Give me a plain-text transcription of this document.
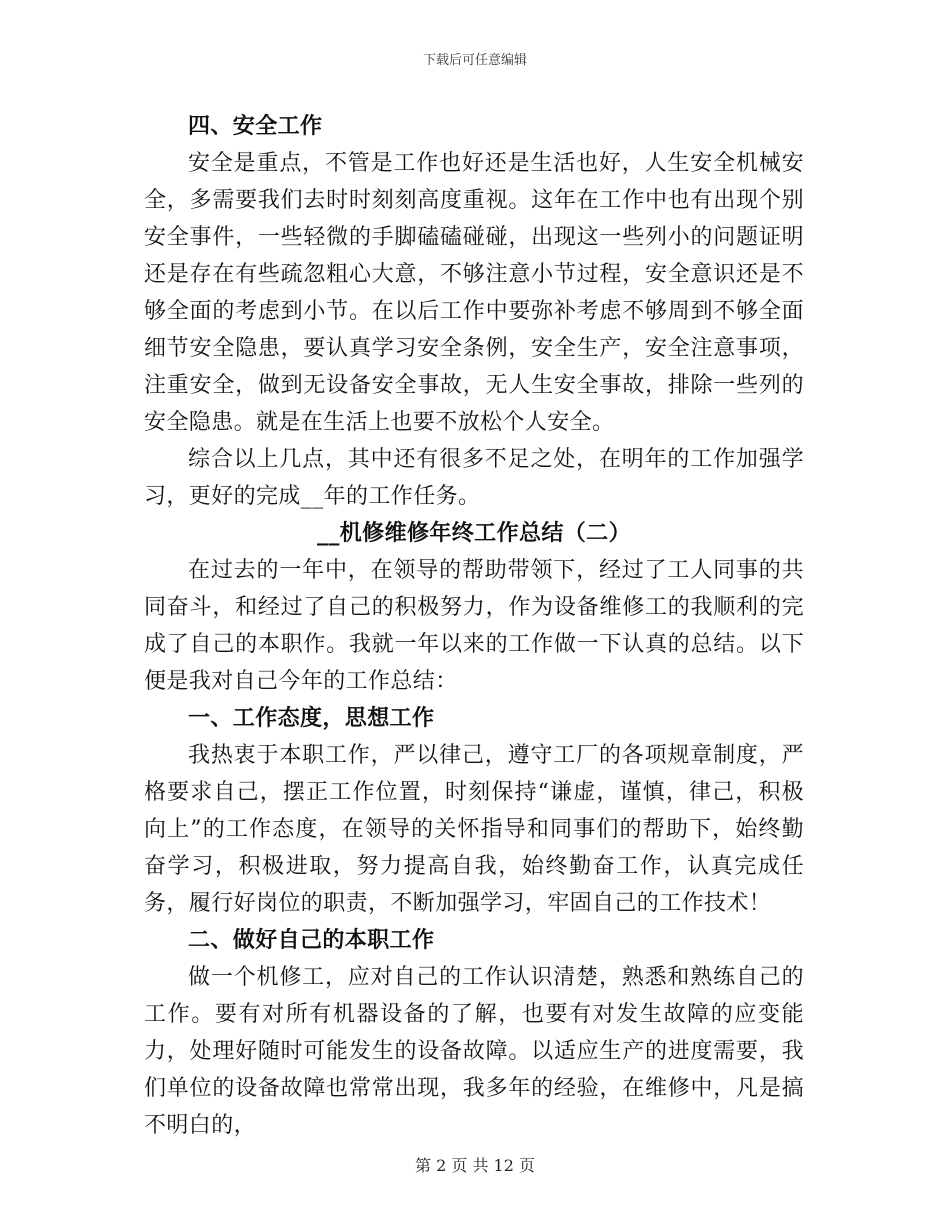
下载后可任意编辑

四、安全工作

安全是重点，不管是工作也好还是生活也好，人生安全机械安全，多需要我们去时时刻刻高度重视。这年在工作中也有出现个别安全事件，一些轻微的手脚磕磕碰碰，出现这一些列小的问题证明还是存在有些疏忽粗心大意，不够注意小节过程，安全意识还是不够全面的考虑到小节。在以后工作中要弥补考虑不够周到不够全面细节安全隐患，要认真学习安全条例，安全生产，安全注意事项，注重安全，做到无设备安全事故，无人生安全事故，排除一些列的安全隐患。就是在生活上也要不放松个人安全。

综合以上几点，其中还有很多不足之处，在明年的工作加强学习，更好的完成__年的工作任务。

__机修维修年终工作总结（二）

在过去的一年中，在领导的帮助带领下，经过了工人同事的共同奋斗，和经过了自己的积极努力，作为设备维修工的我顺利的完成了自己的本职作。我就一年以来的工作做一下认真的总结。以下便是我对自己今年的工作总结：

一、工作态度，思想工作

我热衷于本职工作，严以律己，遵守工厂的各项规章制度，严格要求自己，摆正工作位置，时刻保持“谦虚，谨慎，律己，积极向上”的工作态度，在领导的关怀指导和同事们的帮助下，始终勤奋学习，积极进取，努力提高自我，始终勤奋工作，认真完成任务，履行好岗位的职责，不断加强学习，牢固自己的工作技术！

二、做好自己的本职工作

做一个机修工，应对自己的工作认识清楚，熟悉和熟练自己的工作。要有对所有机器设备的了解，也要有对发生故障的应变能力，处理好随时可能发生的设备故障。以适应生产的进度需要，我们单位的设备故障也常常出现，我多年的经验，在维修中，凡是搞不明白的，

第 2 页 共 12 页
